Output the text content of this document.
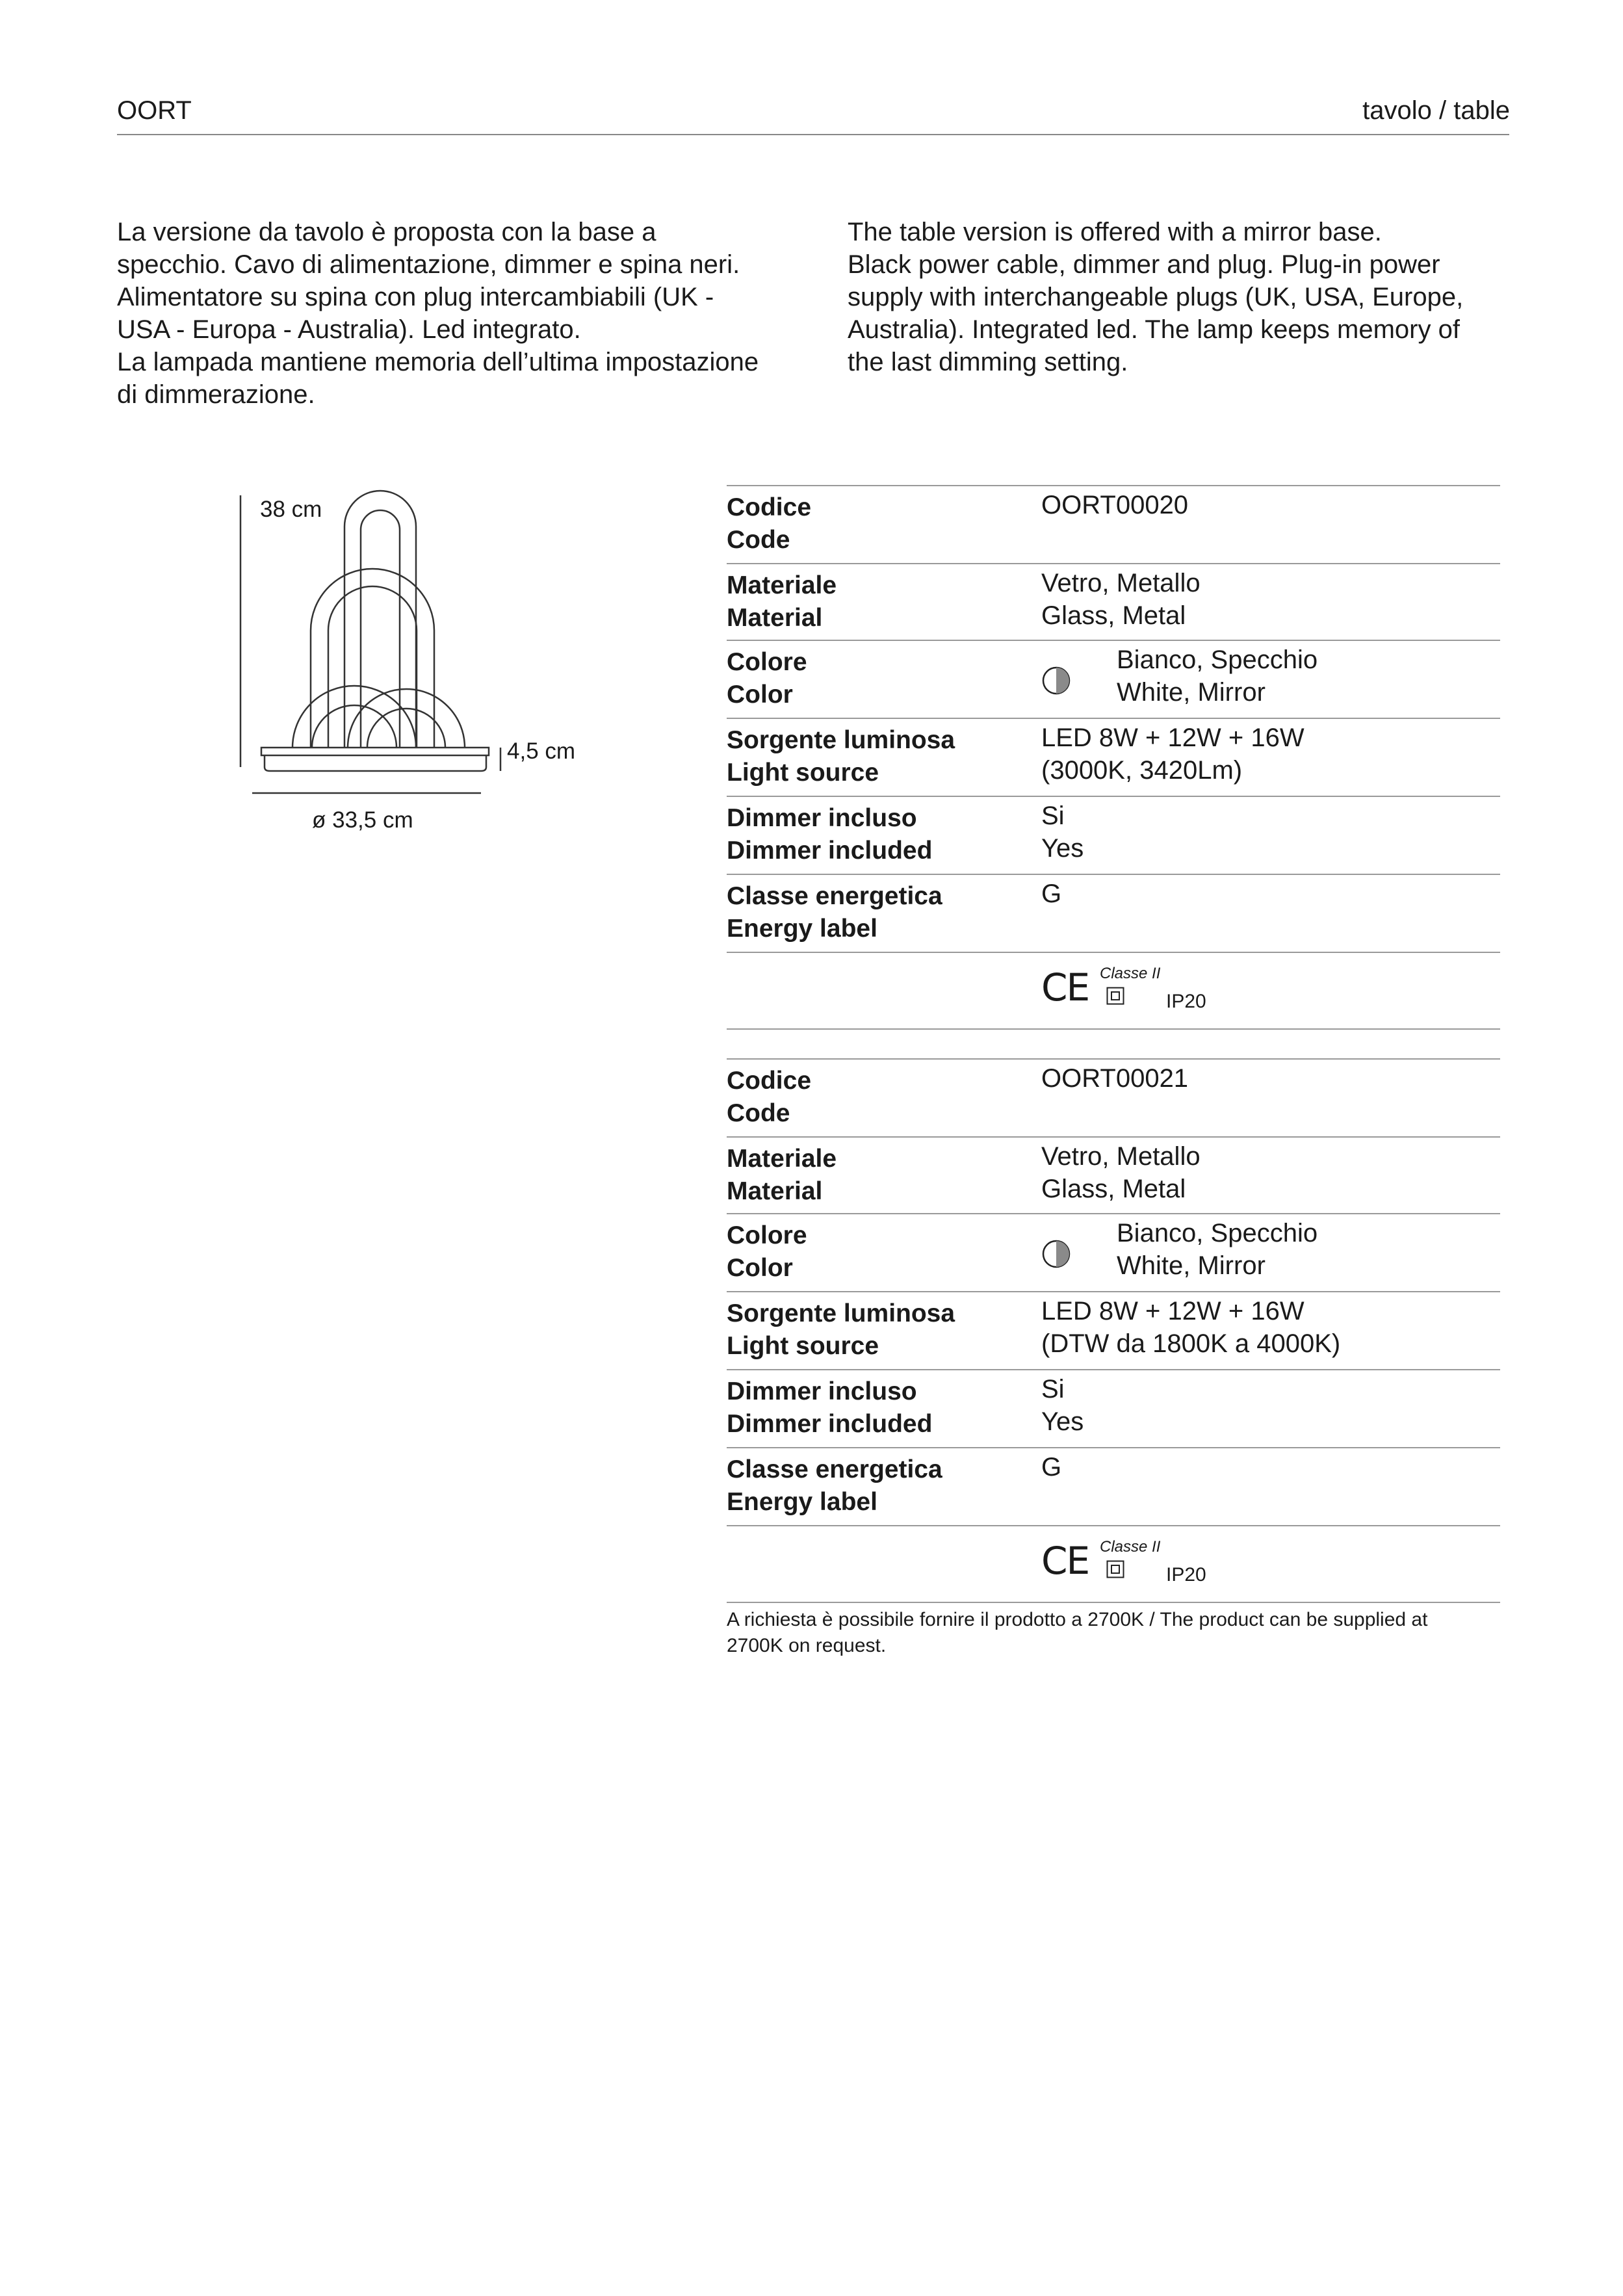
OORT	tavolo / table

La versione da tavolo è proposta con la base a

specchio. Cavo di alimentazione, dimmer e spina neri.

Alimentatore su spina con plug intercambiabili (UK -

USA - Europa - Australia). Led integrato.

La lampada mantiene memoria dell’ultima impostazione

di dimmerazione.

The table version is offered with a mirror base.

Black power cable, dimmer and plug. Plug-in power

supply with interchangeable plugs (UK, USA, Europe,

Australia). Integrated led. The lamp keeps memory of

the last dimming setting.

38 cm
4,5 cm
ø 33,5 cm
Codice
Code
OORT00020
Materiale
Material
Vetro, Metallo
Glass, Metal
Colore
Color
Bianco, Specchio
White, Mirror
Sorgente luminosa
Light source
LED 8W + 12W + 16W
(3000K, 3420Lm)
Dimmer incluso
Dimmer included
Si
Yes
Classe energetica
Energy label
G
CE Classe II
IP20
Codice
Code
OORT00021
Materiale
Material
Vetro, Metallo
Glass, Metal
Colore
Color
Bianco, Specchio
White, Mirror
Sorgente luminosa
Light source
LED 8W + 12W + 16W
(DTW da 1800K a 4000K)
Dimmer incluso
Dimmer included
Si
Yes
Classe energetica
Energy label
G
CE Classe II
IP20
A richiesta è possibile fornire il prodotto a 2700K / The product can be supplied at
2700K on request.
